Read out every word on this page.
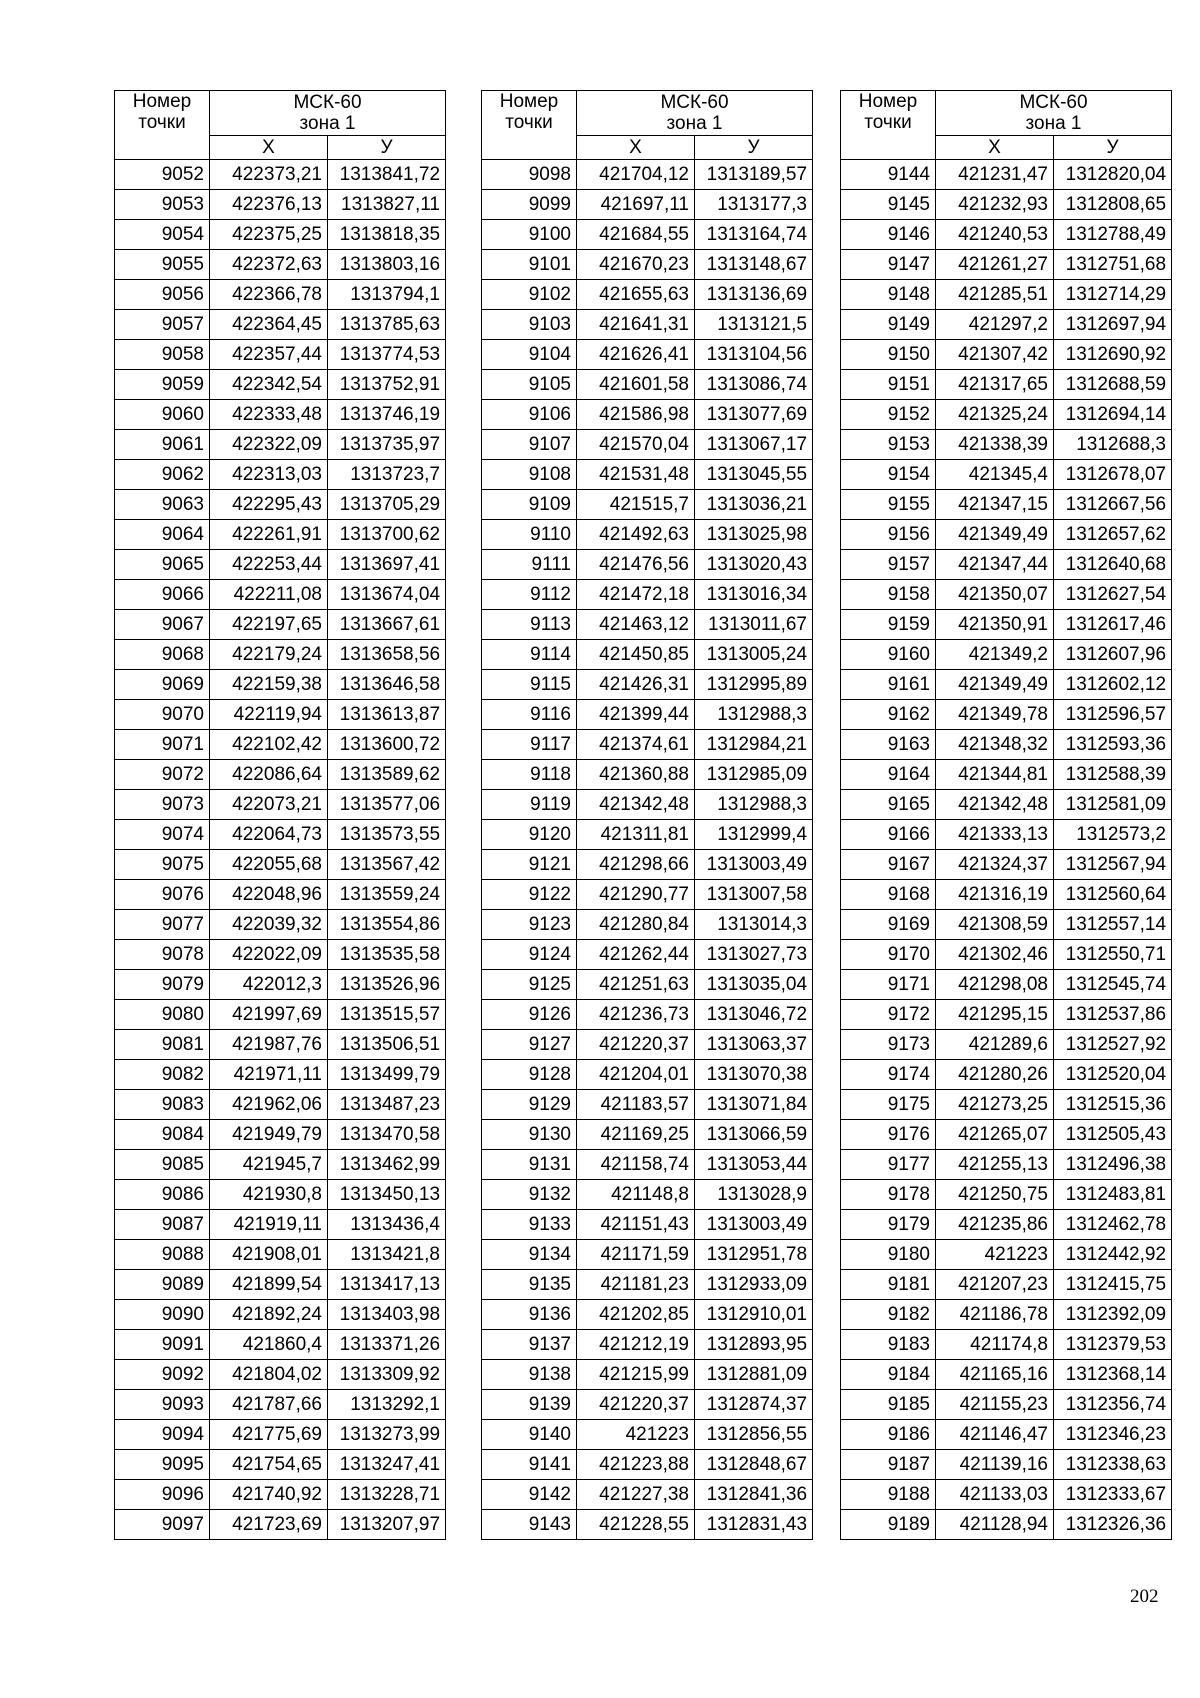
Номер
точки	МСК-60
зона 1	

	Х	У
9052	422373,21	1313841,72
9053	422376,13	1313827,11
9054	422375,25	1313818,35
9055	422372,63	1313803,16
9056	422366,78	1313794,1
9057	422364,45	1313785,63
9058	422357,44	1313774,53
9059	422342,54	1313752,91
9060	422333,48	1313746,19
9061	422322,09	1313735,97
9062	422313,03	1313723,7
9063	422295,43	1313705,29
9064	422261,91	1313700,62
9065	422253,44	1313697,41
9066	422211,08	1313674,04
9067	422197,65	1313667,61
9068	422179,24	1313658,56
9069	422159,38	1313646,58
9070	422119,94	1313613,87
9071	422102,42	1313600,72
9072	422086,64	1313589,62
9073	422073,21	1313577,06
9074	422064,73	1313573,55
9075	422055,68	1313567,42
9076	422048,96	1313559,24
9077	422039,32	1313554,86
9078	422022,09	1313535,58
9079	422012,3	1313526,96
9080	421997,69	1313515,57
9081	421987,76	1313506,51
9082	421971,11	1313499,79
9083	421962,06	1313487,23
9084	421949,79	1313470,58
9085	421945,7	1313462,99
9086	421930,8	1313450,13
9087	421919,11	1313436,4
9088	421908,01	1313421,8
9089	421899,54	1313417,13
9090	421892,24	1313403,98
9091	421860,4	1313371,26
9092	421804,02	1313309,92
9093	421787,66	1313292,1
9094	421775,69	1313273,99
9095	421754,65	1313247,41
9096	421740,92	1313228,71
9097	421723,69	1313207,97
Номер
точки	МСК-60
зона 1	

	Х	У
9098	421704,12	1313189,57
9099	421697,11	1313177,3
9100	421684,55	1313164,74
9101	421670,23	1313148,67
9102	421655,63	1313136,69
9103	421641,31	1313121,5
9104	421626,41	1313104,56
9105	421601,58	1313086,74
9106	421586,98	1313077,69
9107	421570,04	1313067,17
9108	421531,48	1313045,55
9109	421515,7	1313036,21
9110	421492,63	1313025,98
9111	421476,56	1313020,43
9112	421472,18	1313016,34
9113	421463,12	1313011,67
9114	421450,85	1313005,24
9115	421426,31	1312995,89
9116	421399,44	1312988,3
9117	421374,61	1312984,21
9118	421360,88	1312985,09
9119	421342,48	1312988,3
9120	421311,81	1312999,4
9121	421298,66	1313003,49
9122	421290,77	1313007,58
9123	421280,84	1313014,3
9124	421262,44	1313027,73
9125	421251,63	1313035,04
9126	421236,73	1313046,72
9127	421220,37	1313063,37
9128	421204,01	1313070,38
9129	421183,57	1313071,84
9130	421169,25	1313066,59
9131	421158,74	1313053,44
9132	421148,8	1313028,9
9133	421151,43	1313003,49
9134	421171,59	1312951,78
9135	421181,23	1312933,09
9136	421202,85	1312910,01
9137	421212,19	1312893,95
9138	421215,99	1312881,09
9139	421220,37	1312874,37
9140	421223	1312856,55
9141	421223,88	1312848,67
9142	421227,38	1312841,36
9143	421228,55	1312831,43
Номер
точки	МСК-60
зона 1	

	Х	У
9144	421231,47	1312820,04
9145	421232,93	1312808,65
9146	421240,53	1312788,49
9147	421261,27	1312751,68
9148	421285,51	1312714,29
9149	421297,2	1312697,94
9150	421307,42	1312690,92
9151	421317,65	1312688,59
9152	421325,24	1312694,14
9153	421338,39	1312688,3
9154	421345,4	1312678,07
9155	421347,15	1312667,56
9156	421349,49	1312657,62
9157	421347,44	1312640,68
9158	421350,07	1312627,54
9159	421350,91	1312617,46
9160	421349,2	1312607,96
9161	421349,49	1312602,12
9162	421349,78	1312596,57
9163	421348,32	1312593,36
9164	421344,81	1312588,39
9165	421342,48	1312581,09
9166	421333,13	1312573,2
9167	421324,37	1312567,94
9168	421316,19	1312560,64
9169	421308,59	1312557,14
9170	421302,46	1312550,71
9171	421298,08	1312545,74
9172	421295,15	1312537,86
9173	421289,6	1312527,92
9174	421280,26	1312520,04
9175	421273,25	1312515,36
9176	421265,07	1312505,43
9177	421255,13	1312496,38
9178	421250,75	1312483,81
9179	421235,86	1312462,78
9180	421223	1312442,92
9181	421207,23	1312415,75
9182	421186,78	1312392,09
9183	421174,8	1312379,53
9184	421165,16	1312368,14
9185	421155,23	1312356,74
9186	421146,47	1312346,23
9187	421139,16	1312338,63
9188	421133,03	1312333,67
9189	421128,94	1312326,36
202
